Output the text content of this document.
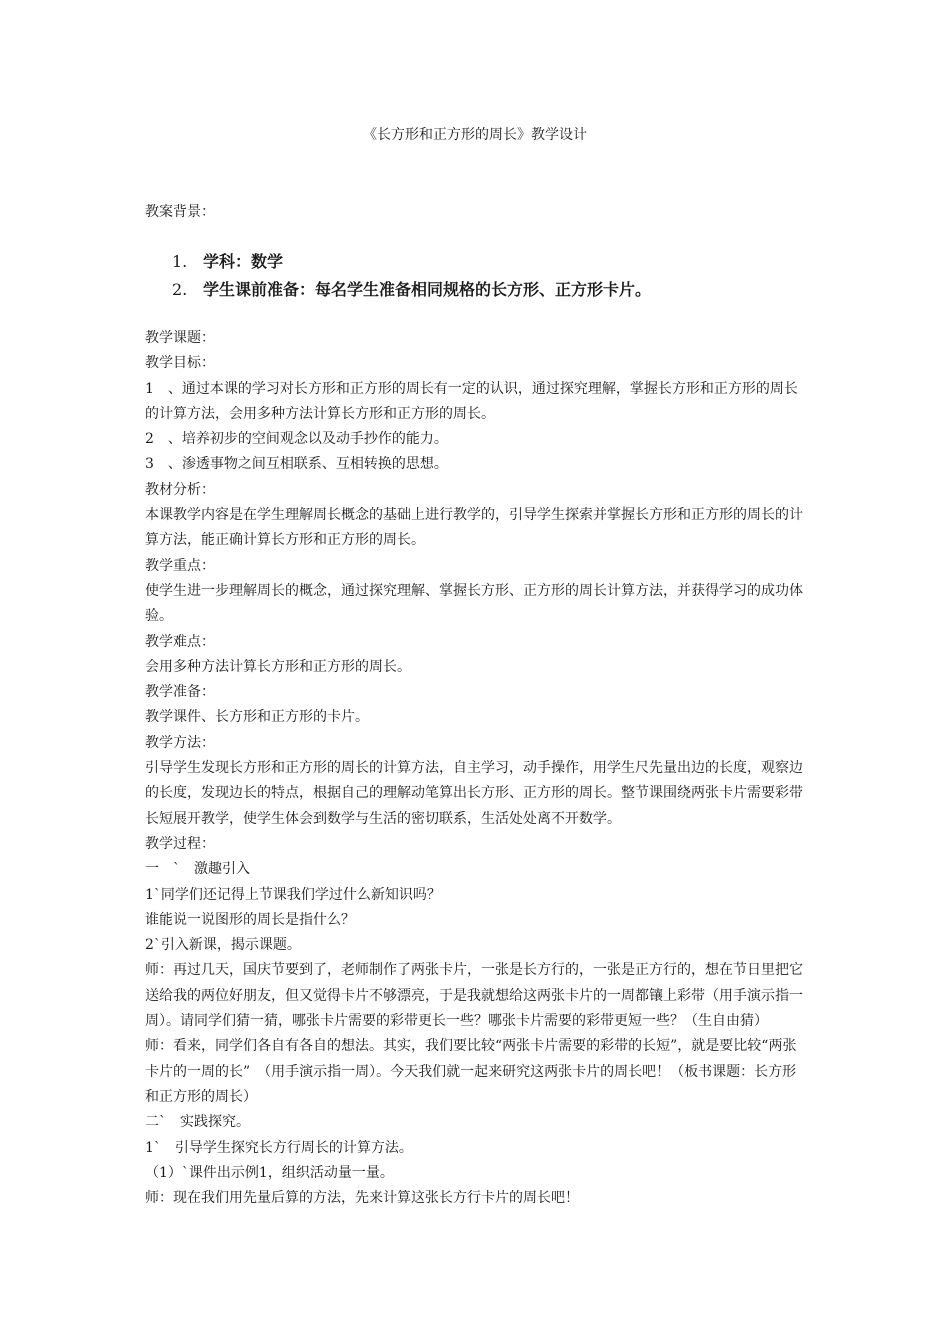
《长方形和正方形的周长》教学设计
教案背景：
1. 学科：数学
2. 学生课前准备：每名学生准备相同规格的长方形、正方形卡片。

教学课题：

教学目标：

1　、通过本课的学习对长方形和正方形的周长有一定的认识，通过探究理解，掌握长方形和正方形的周长的计算方法，会用多种方法计算长方形和正方形的周长。

2　、培养初步的空间观念以及动手抄作的能力。

3　、渗透事物之间互相联系、互相转换的思想。

教材分析：

本课教学内容是在学生理解周长概念的基础上进行教学的，引导学生探索并掌握长方形和正方形的周长的计算方法，能正确计算长方形和正方形的周长。

教学重点：

使学生进一步理解周长的概念，通过探究理解、掌握长方形、正方形的周长计算方法，并获得学习的成功体验。

教学难点：

会用多种方法计算长方形和正方形的周长。

教学准备：

教学课件、长方形和正方形的卡片。

教学方法：

引导学生发现长方形和正方形的周长的计算方法，自主学习，动手操作，用学生尺先量出边的长度，观察边的长度，发现边长的特点，根据自己的理解动笔算出长方形、正方形的周长。整节课围绕两张卡片需要彩带长短展开教学，使学生体会到数学与生活的密切联系，生活处处离不开数学。

教学过程：

一　`　激趣引入

1`同学们还记得上节课我们学过什么新知识吗？

谁能说一说图形的周长是指什么？

2`引入新课，揭示课题。

师：再过几天，国庆节要到了，老师制作了两张卡片，一张是长方行的，一张是正方行的，想在节日里把它送给我的两位好朋友，但又觉得卡片不够漂亮，于是我就想给这两张卡片的一周都镶上彩带（用手演示指一周）。请同学们猜一猜，哪张卡片需要的彩带更长一些？哪张卡片需要的彩带更短一些？（生自由猜）

师：看来，同学们各自有各自的想法。其实，我们要比较“两张卡片需要的彩带的长短”，就是要比较“两张卡片的一周的长”　（用手演示指一周）。今天我们就一起来研究这两张卡片的周长吧！（板书课题：长方形和正方形的周长）

二`　实践探究。

1`　引导学生探究长方行周长的计算方法。

（1）`课件出示例1，组织活动量一量。

师：现在我们用先量后算的方法，先来计算这张长方行卡片的周长吧！
